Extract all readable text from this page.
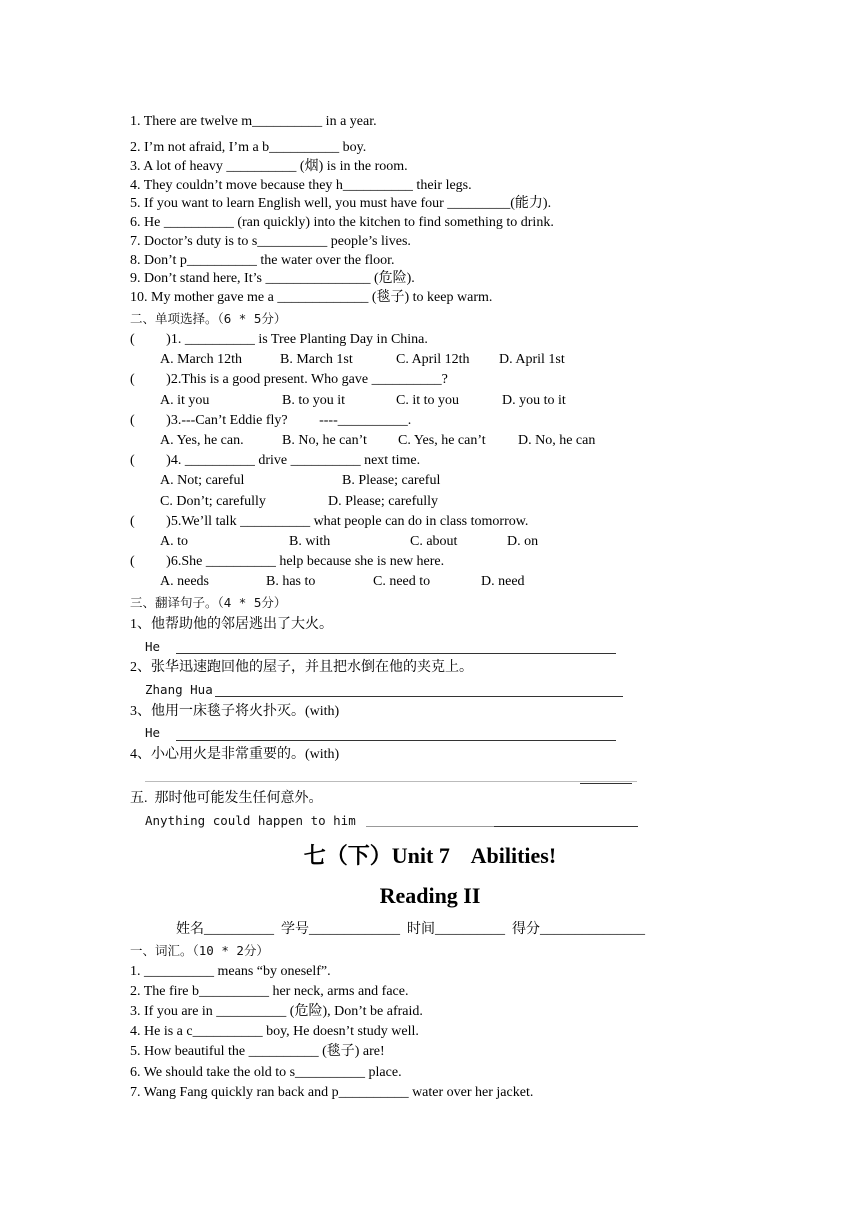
1. There are twelve m__________ in a year.
2. I’m not afraid, I’m a b__________ boy.
3. A lot of heavy __________ (烟) is in the room.
4. They couldn’t move because they h__________ their legs.
5. If you want to learn English well, you must have four _________(能力).
6. He __________ (ran quickly) into the kitchen to find something to drink.
7. Doctor’s duty is to s__________ people’s lives.
8. Don’t p__________ the water over the floor.
9. Don’t stand here, It’s _______________ (危险).
10. My mother gave me a _____________ (毯子) to keep warm.
二、单项选择。（6 * 5分）
(         )1. __________ is Tree Planting Day in China.
A. March 12th	B. March 1st	C. April 12th D. April 1st
(         )2.This is a good present. Who gave __________?
A. it you	B. to you it	C. it to you	D. you to it
(         )3.---Can’t Eddie fly?         ----__________.
A. Yes, he can.	B. No, he can’t C. Yes, he can’t D. No, he can
(         )4. __________ drive __________ next time.
A. Not; careful	B. Please; careful
C. Don’t; carefully	D. Please; carefully
(         )5.We’ll talk __________ what people can do in class tomorrow.
A. to	B. with	C. about	D. on
(         )6.She __________ help because she is new here.
A. needs	B. has to	C. need to	D. need
三、翻译句子。（4 * 5分）
1、他帮助他的邻居逃出了大火。
He
2、张华迅速跑回他的屋子，并且把水倒在他的夹克上。
Zhang Hua
3、他用一床毯子将火扑灭。(with)
He
4、小心用火是非常重要的。(with)
五.  那时他可能发生任何意外。
Anything could happen to him
七（下）Unit 7    Abilities!
Reading II
姓名__________  学号_____________  时间__________  得分_______________
一、词汇。（10 * 2分）
1. __________ means “by oneself”.
2. The fire b__________ her neck, arms and face.
3. If you are in __________ (危险), Don’t be afraid.
4. He is a c__________ boy, He doesn’t study well.
5. How beautiful the __________ (毯子) are!
6. We should take the old to s__________ place.
7. Wang Fang quickly ran back and p__________ water over her jacket.
